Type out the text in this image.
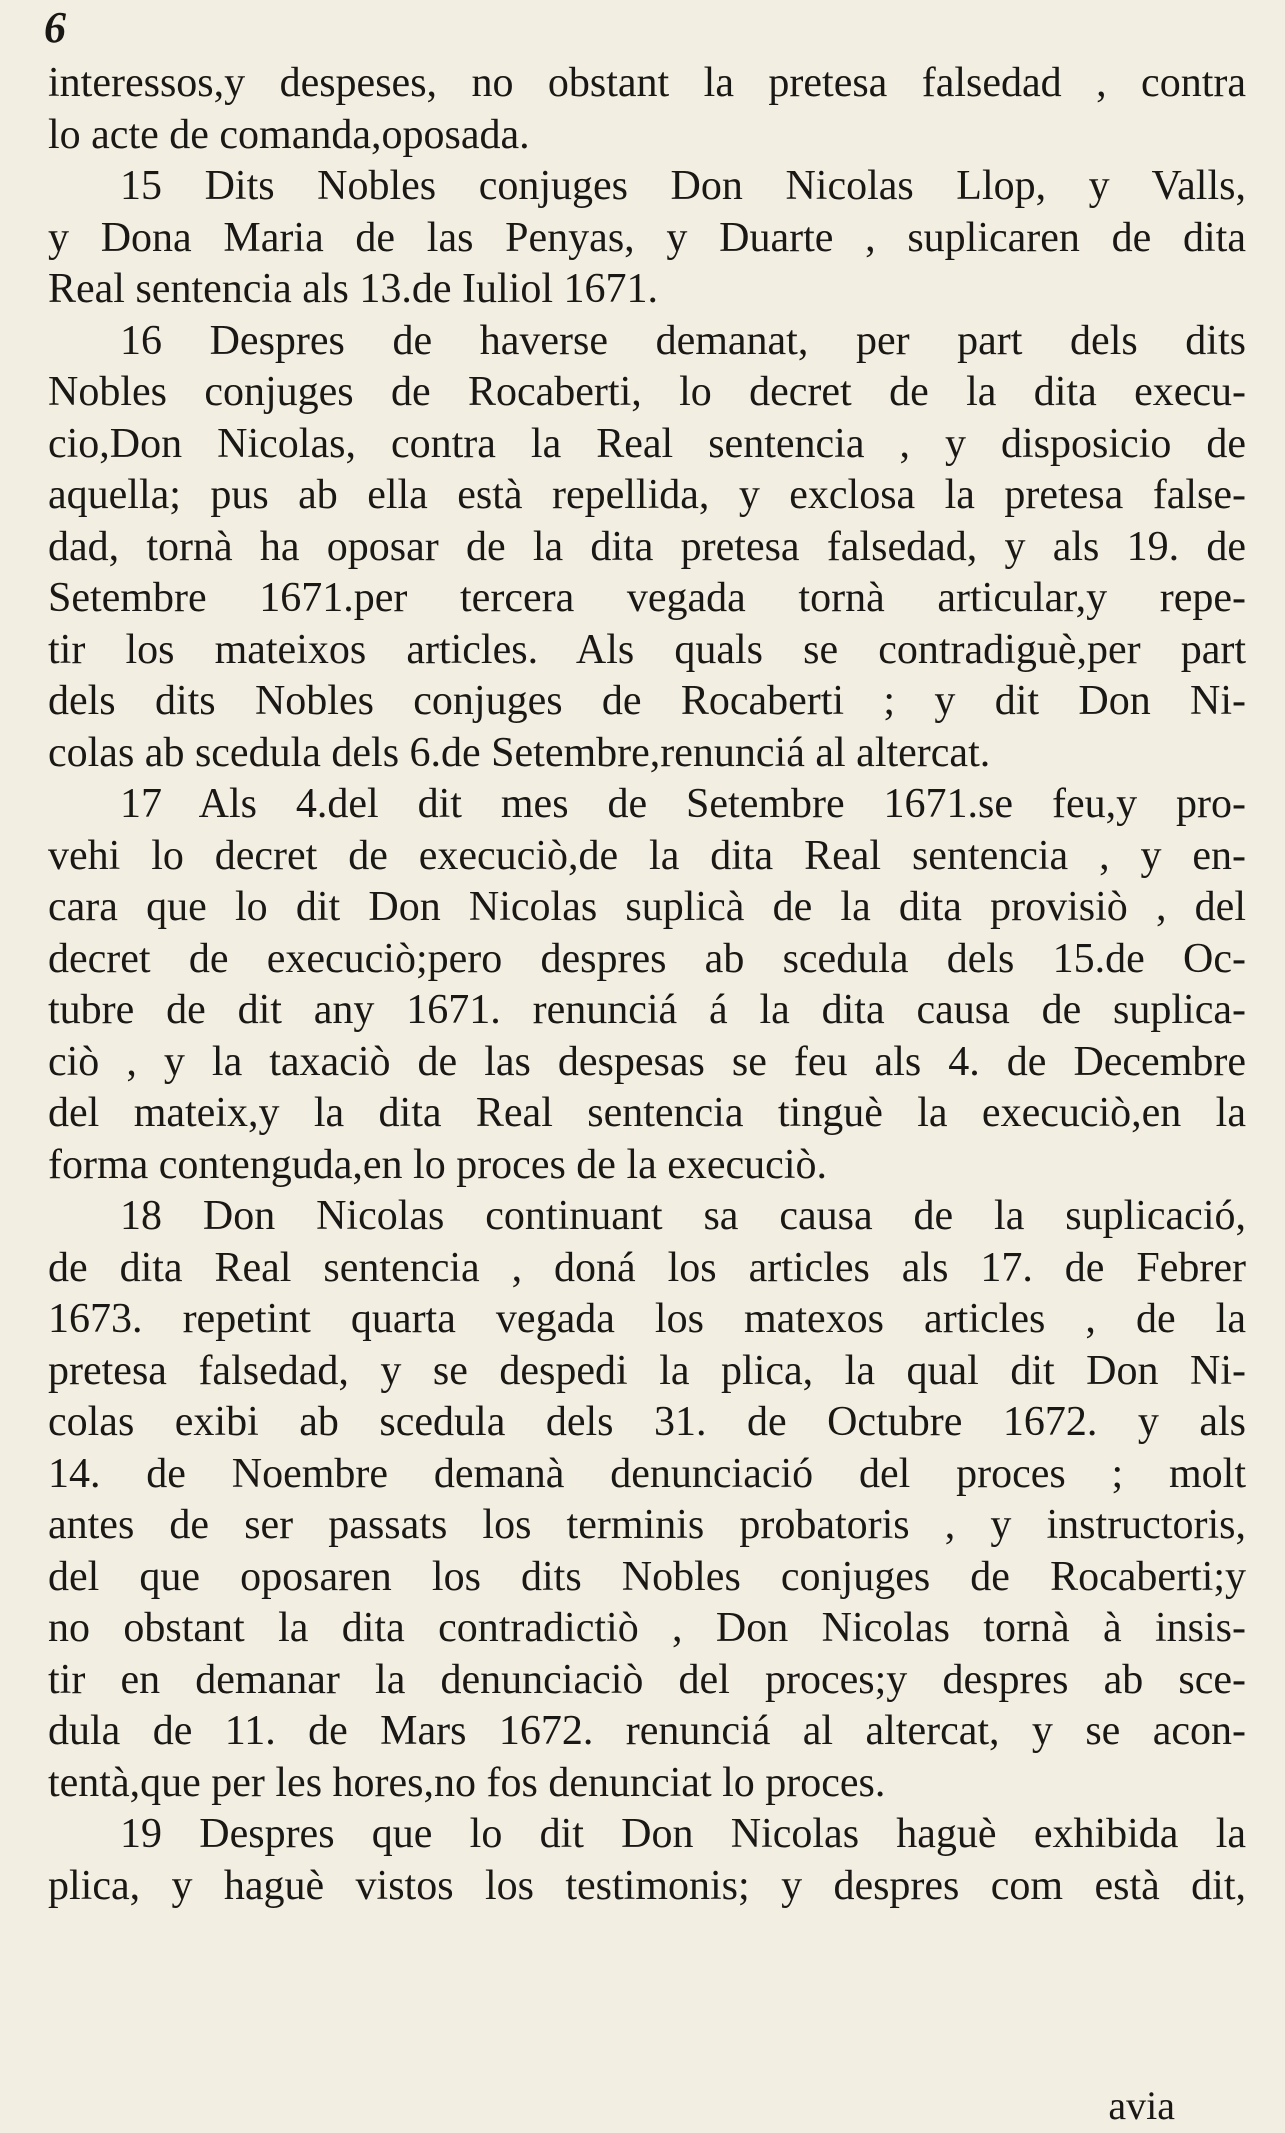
6
interessos,y despeses, no obstant la pretesa falsedad , contra
lo acte de comanda,oposada.
15 Dits Nobles conjuges Don Nicolas Llop, y Valls,
y Dona Maria de las Penyas, y Duarte , suplicaren de dita
Real sentencia als 13.de Iuliol 1671.
16 Despres de haverse demanat, per part dels dits
Nobles conjuges de Rocaberti, lo decret de la dita execu-
cio,Don Nicolas, contra la Real sentencia , y disposicio de
aquella; pus ab ella està repellida, y exclosa la pretesa false-
dad, tornà ha oposar de la dita pretesa falsedad, y als 19. de
Setembre 1671.per tercera vegada tornà articular,y repe-
tir los mateixos articles. Als quals se contradiguè,per part
dels dits Nobles conjuges de Rocaberti ; y dit Don Ni-
colas ab scedula dels 6.de Setembre,renunciá al altercat.
17 Als 4.del dit mes de Setembre 1671.se feu,y pro-
vehi lo decret de execuciò,de la dita Real sentencia , y en-
cara que lo dit Don Nicolas suplicà de la dita provisiò , del
decret de execuciò;pero despres ab scedula dels 15.de Oc-
tubre de dit any 1671. renunciá á la dita causa de suplica-
ciò , y la taxaciò de las despesas se feu als 4. de Decembre
del mateix,y la dita Real sentencia tinguè la execuciò,en la
forma contenguda,en lo proces de la execuciò.
18 Don Nicolas continuant sa causa de la suplicació,
de dita Real sentencia , doná los articles als 17. de Febrer
1673. repetint quarta vegada los matexos articles , de la
pretesa falsedad, y se despedi la plica, la qual dit Don Ni-
colas exibi ab scedula dels 31. de Octubre 1672. y als
14. de Noembre demanà denunciació del proces ; molt
antes de ser passats los terminis probatoris , y instructoris,
del que oposaren los dits Nobles conjuges de Rocaberti;y
no obstant la dita contradictiò , Don Nicolas tornà à insis-
tir en demanar la denunciaciò del proces;y despres ab sce-
dula de 11. de Mars 1672. renunciá al altercat, y se acon-
tentà,que per les hores,no fos denunciat lo proces.
19 Despres que lo dit Don Nicolas haguè exhibida la
plica, y haguè vistos los testimonis; y despres com està dit,
avia
